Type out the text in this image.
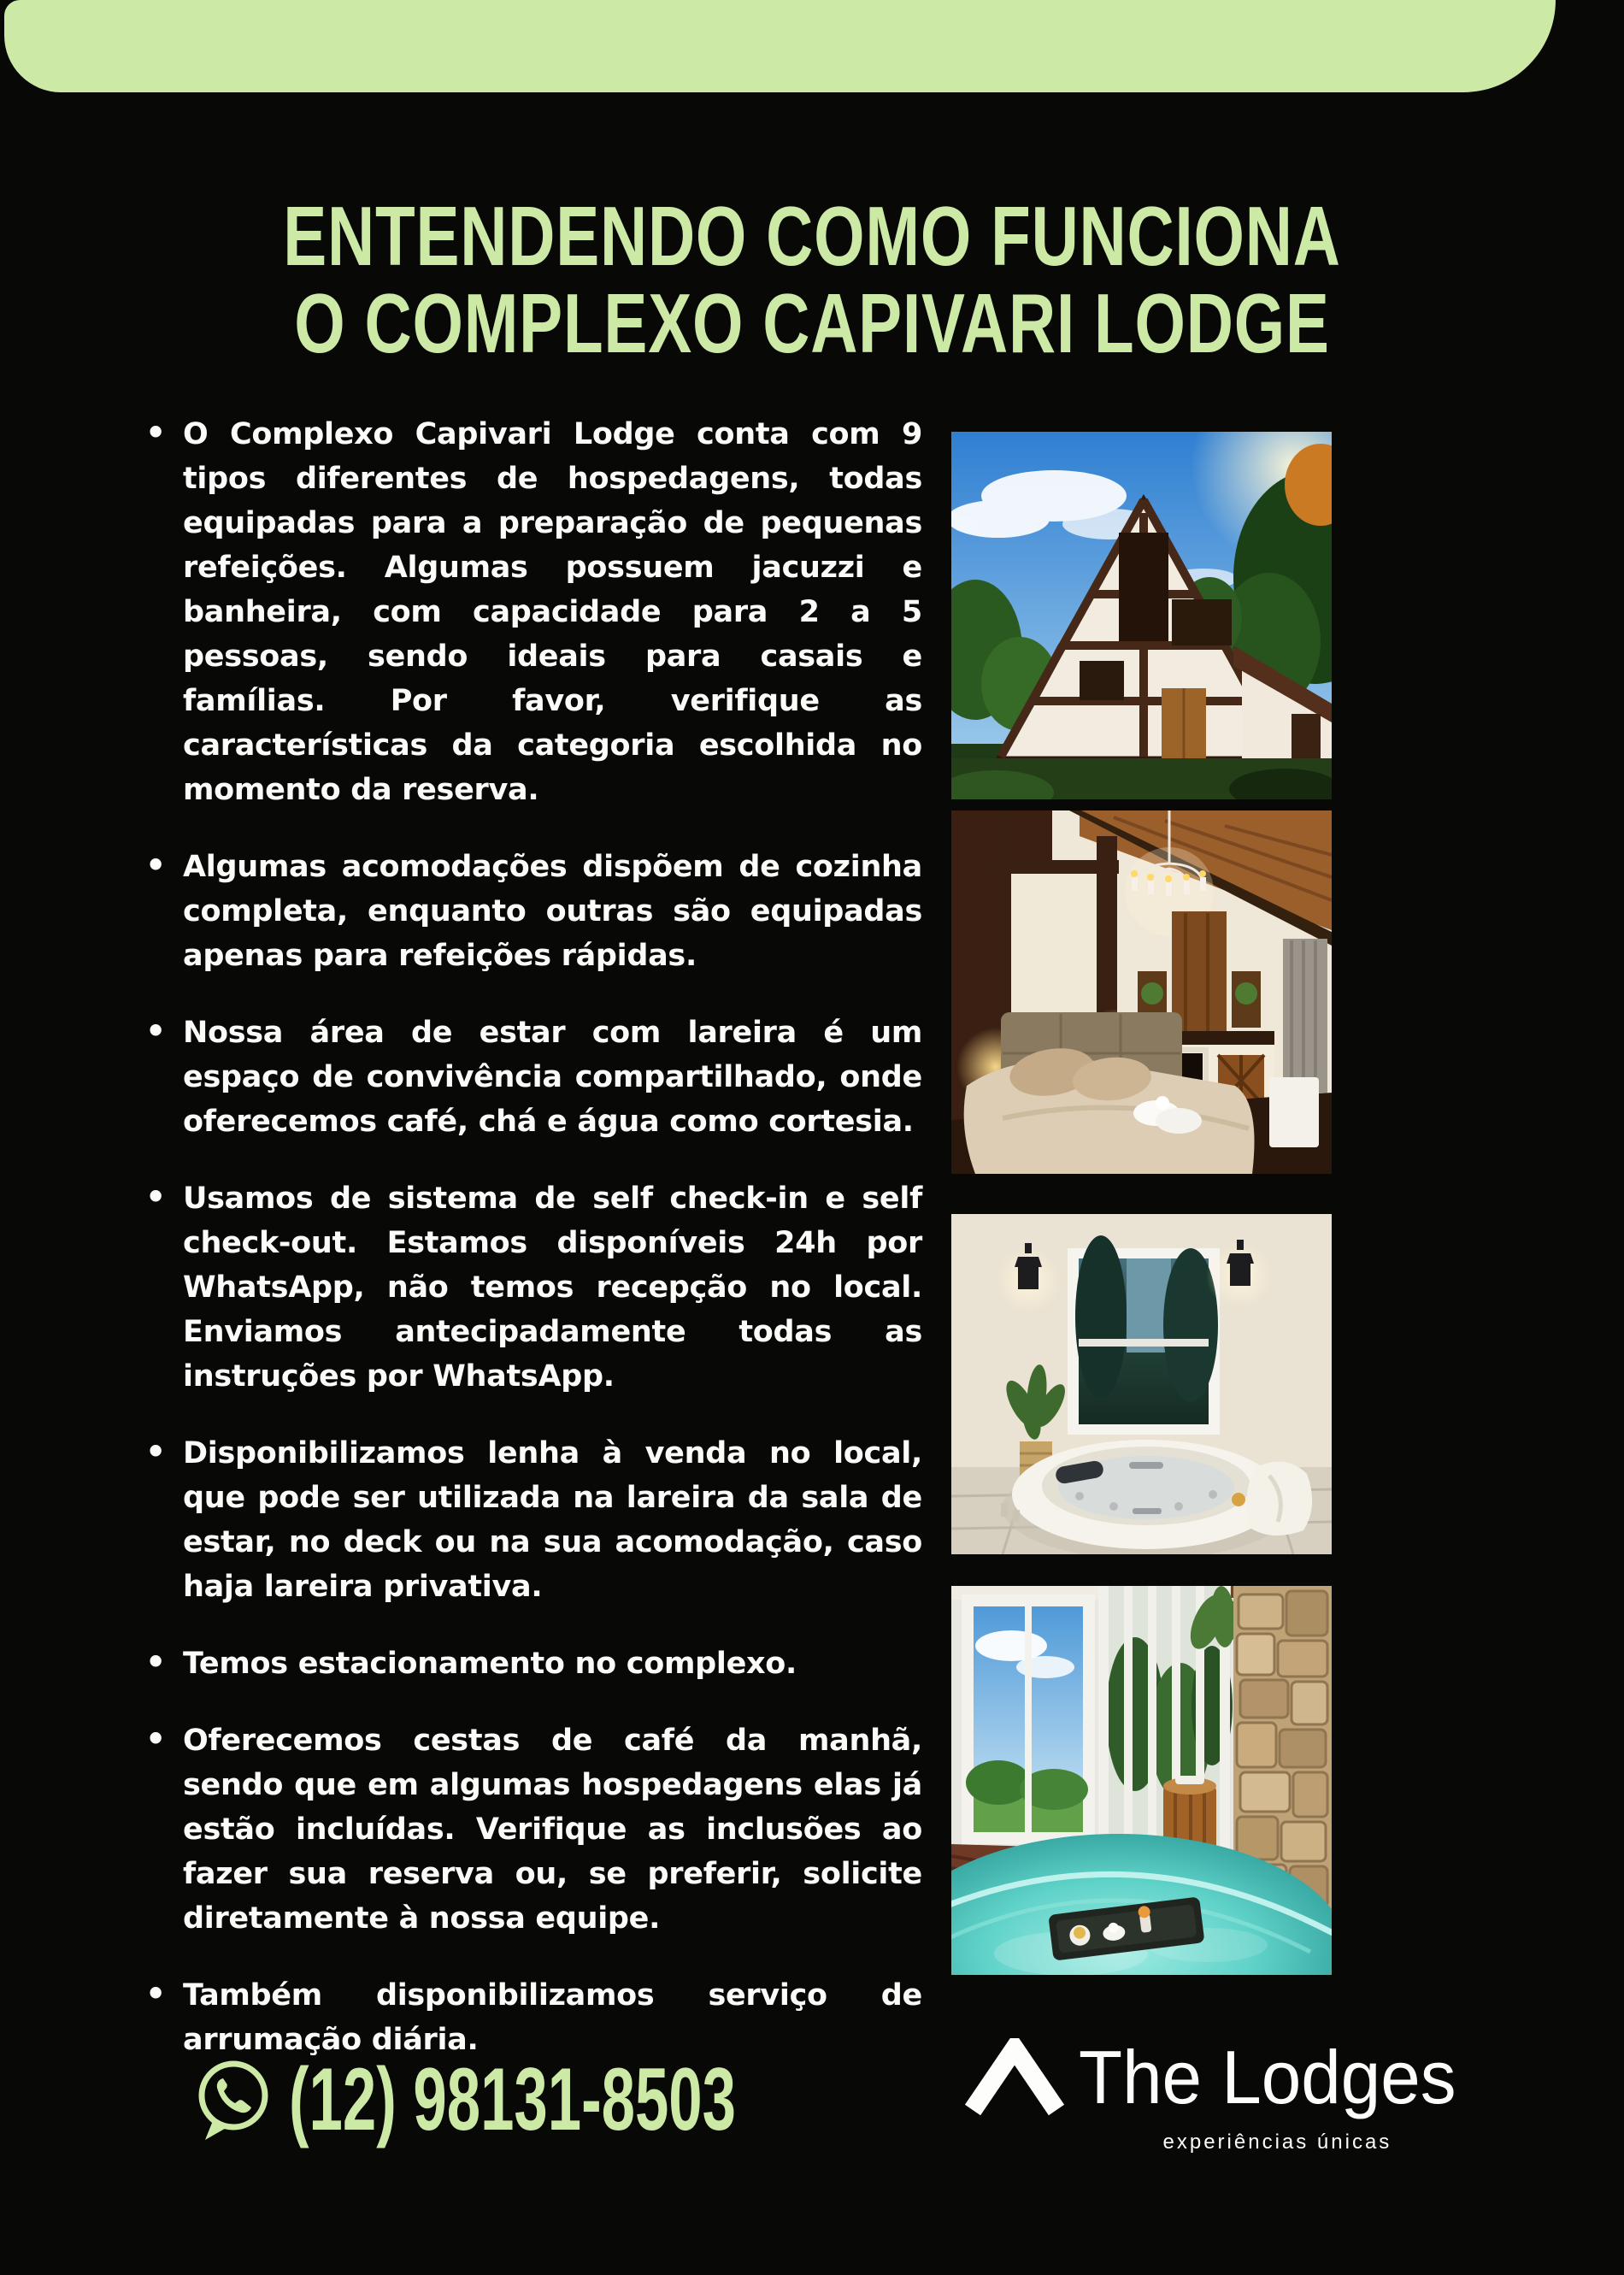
ENTENDENDO COMO FUNCIONA
O COMPLEXO CAPIVARI LODGE
• O Complexo Capivari Lodge conta com 9 tipos diferentes de hospedagens, todas equipadas para a preparação de pequenas refeições. Algumas possuem jacuzzi e banheira, com capacidade para 2 a 5 pessoas, sendo ideais para casais e famílias. Por favor, verifique as características da categoria escolhida no momento da reserva.
• Algumas acomodações dispõem de cozinha completa, enquanto outras são equipadas apenas para refeições rápidas.
• Nossa área de estar com lareira é um espaço de convivência compartilhado, onde oferecemos café, chá e água como cortesia.
• Usamos de sistema de self check-in e self check-out. Estamos disponíveis 24h por WhatsApp, não temos recepção no local. Enviamos antecipadamente todas as instruções por WhatsApp.
• Disponibilizamos lenha à venda no local, que pode ser utilizada na lareira da sala de estar, no deck ou na sua acomodação, caso haja lareira privativa.
• Temos estacionamento no complexo.
• Oferecemos cestas de café da manhã, sendo que em algumas hospedagens elas já estão incluídas. Verifique as inclusões ao fazer sua reserva ou, se preferir, solicite diretamente à nossa equipe.
• Também disponibilizamos serviço de arrumação diária.
(12) 98131-8503	The Lodges
experiências únicas
